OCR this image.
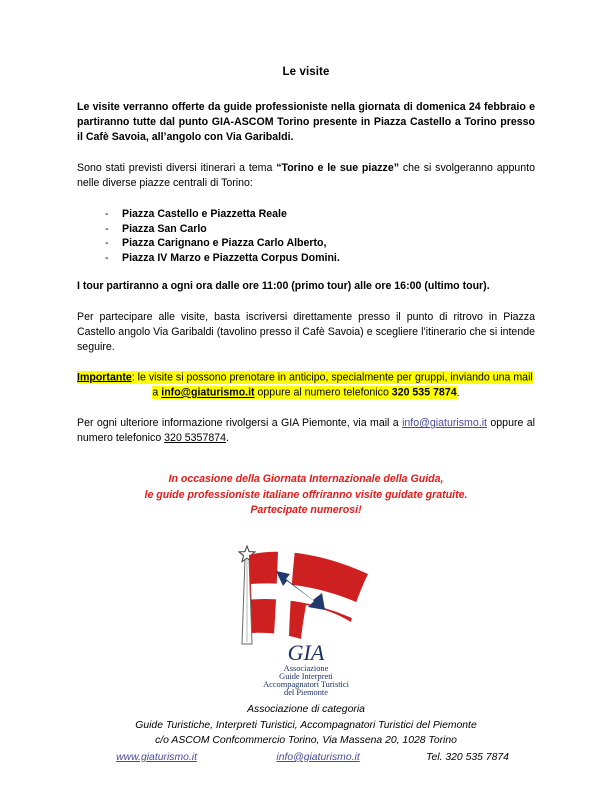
Le visite

Le visite verranno offerte da guide professioniste nella giornata di domenica 24 febbraio e partiranno tutte dal punto GIA-ASCOM Torino presente in Piazza Castello a Torino presso il Cafè Savoia, all’angolo con Via Garibaldi.

Sono stati previsti diversi itinerari a tema “Torino e le sue piazze” che si svolgeranno appunto nelle diverse piazze centrali di Torino:

- Piazza Castello e Piazzetta Reale
- Piazza San Carlo
- Piazza Carignano e Piazza Carlo Alberto,
- Piazza IV Marzo e Piazzetta Corpus Domini.

I tour partiranno a ogni ora dalle ore 11:00 (primo tour) alle ore 16:00 (ultimo tour).

Per partecipare alle visite, basta iscriversi direttamente presso il punto di ritrovo in Piazza Castello angolo Via Garibaldi (tavolino presso il Cafè Savoia) e scegliere l’itinerario che si intende seguire.

Importante: le visite si possono prenotare in anticipo, specialmente per gruppi, inviando una mail
a info@giaturismo.it oppure al numero telefonico 320 535 7874.

Per ogni ulteriore informazione rivolgersi a GIA Piemonte, via mail a info@giaturismo.it oppure al numero telefonico 320 5357874.

In occasione della Giornata Internazionale della Guida,
le guide professioniste italiane offriranno visite guidate gratuite.
Partecipate numerosi!
GIA
Associazione
Guide Interpreti
Accompagnatori Turistici
del Piemonte
Associazione di categoria
Guide Turistiche, Interpreti Turistici, Accompagnatori Turistici del Piemonte
c/o ASCOM Confcommercio Torino, Via Massena 20, 1028 Torino
www.giaturismo.it	info@giaturismo.it	Tel. 320 535 7874
